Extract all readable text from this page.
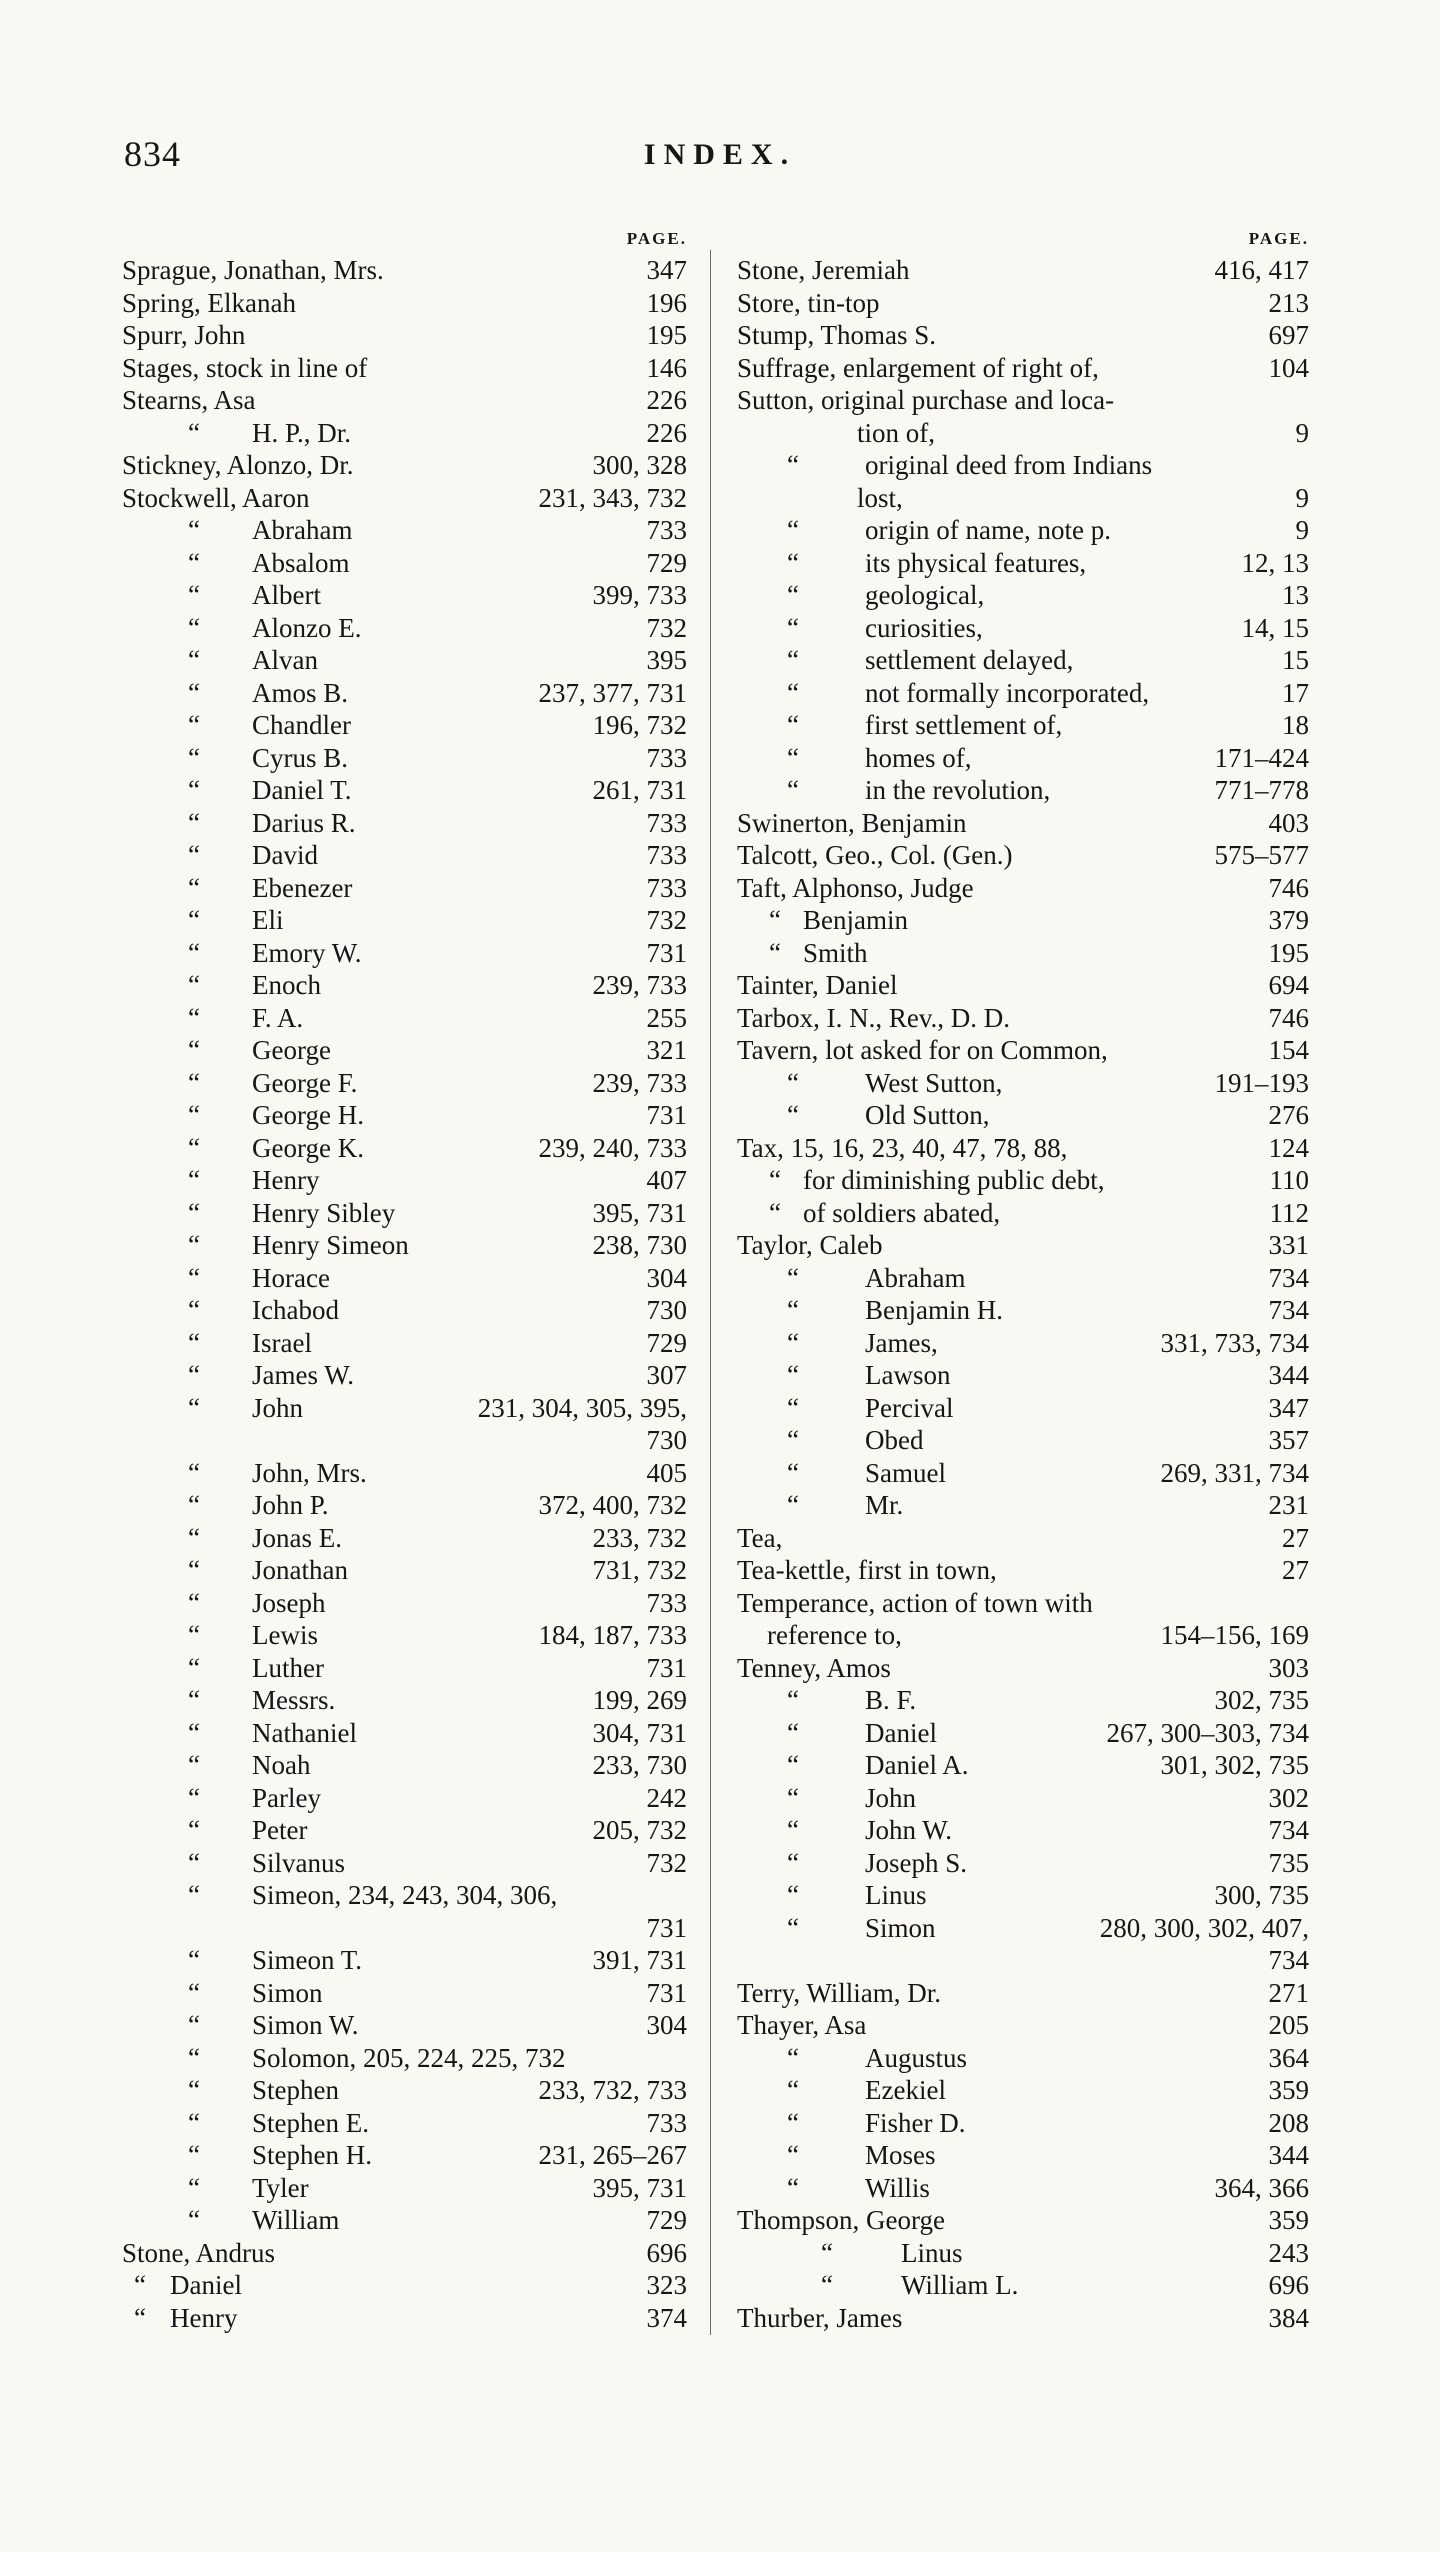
834	INDEX.
PAGE.
Sprague, Jonathan, Mrs.	347
Spring, Elkanah	196
Spurr, John	195
Stages, stock in line of	146
Stearns, Asa	226
“ H. P., Dr.	226
Stickney, Alonzo, Dr.	300, 328
Stockwell, Aaron	231, 343, 732
“ Abraham	733
“ Absalom	729
“ Albert	399, 733
“ Alonzo E.	732
“ Alvan	395
“ Amos B.	237, 377, 731
“ Chandler	196, 732
“ Cyrus B.	733
“ Daniel T.	261, 731
“ Darius R.	733
“ David	733
“ Ebenezer	733
“ Eli	732
“ Emory W.	731
“ Enoch	239, 733
“ F. A.	255
“ George	321
“ George F.	239, 733
“ George H.	731
“ George K.	239, 240, 733
“ Henry	407
“ Henry Sibley	395, 731
“ Henry Simeon	238, 730
“ Horace	304
“ Ichabod	730
“ Israel	729
“ James W.	307
“ John	231, 304, 305, 395,
730
“ John, Mrs.	405
“ John P.	372, 400, 732
“ Jonas E.	233, 732
“ Jonathan	731, 732
“ Joseph	733
“ Lewis	184, 187, 733
“ Luther	731
“ Messrs.	199, 269
“ Nathaniel	304, 731
“ Noah	233, 730
“ Parley	242
“ Peter	205, 732
“ Silvanus	732
“ Simeon, 234, 243, 304, 306,
731
“ Simeon T.	391, 731
“ Simon	731
“ Simon W.	304
“ Solomon, 205, 224, 225, 732
“ Stephen	233, 732, 733
“ Stephen E.	733
“ Stephen H.	231, 265–267
“ Tyler	395, 731
“ William	729
Stone, Andrus	696
“ Daniel	323
“ Henry	374
PAGE.
Stone, Jeremiah	416, 417
Store, tin-top	213
Stump, Thomas S.	697
Suffrage, enlargement of right of,	104
Sutton, original purchase and loca-
tion of,	9
“ original deed from Indians
lost,	9
“ origin of name, note p.	9
“ its physical features,	12, 13
“ geological,	13
“ curiosities,	14, 15
“ settlement delayed,	15
“ not formally incorporated,	17
“ first settlement of,	18
“ homes of,	171–424
“ in the revolution,	771–778
Swinerton, Benjamin	403
Talcott, Geo., Col. (Gen.)	575–577
Taft, Alphonso, Judge	746
“ Benjamin	379
“ Smith	195
Tainter, Daniel	694
Tarbox, I. N., Rev., D. D.	746
Tavern, lot asked for on Common,	154
“ West Sutton,	191–193
“ Old Sutton,	276
Tax, 15, 16, 23, 40, 47, 78, 88,	124
“ for diminishing public debt,	110
“ of soldiers abated,	112
Taylor, Caleb	331
“ Abraham	734
“ Benjamin H.	734
“ James,	331, 733, 734
“ Lawson	344
“ Percival	347
“ Obed	357
“ Samuel	269, 331, 734
“ Mr.	231
Tea,	27
Tea-kettle, first in town,	27
Temperance, action of town with
reference to,	154–156, 169
Tenney, Amos	303
“ B. F.	302, 735
“ Daniel	267, 300–303, 734
“ Daniel A.	301, 302, 735
“ John	302
“ John W.	734
“ Joseph S.	735
“ Linus	300, 735
“ Simon	280, 300, 302, 407,
734
Terry, William, Dr.	271
Thayer, Asa	205
“ Augustus	364
“ Ezekiel	359
“ Fisher D.	208
“ Moses	344
“ Willis	364, 366
Thompson, George	359
“	Linus	243
“	William L.	696
Thurber, James	384
